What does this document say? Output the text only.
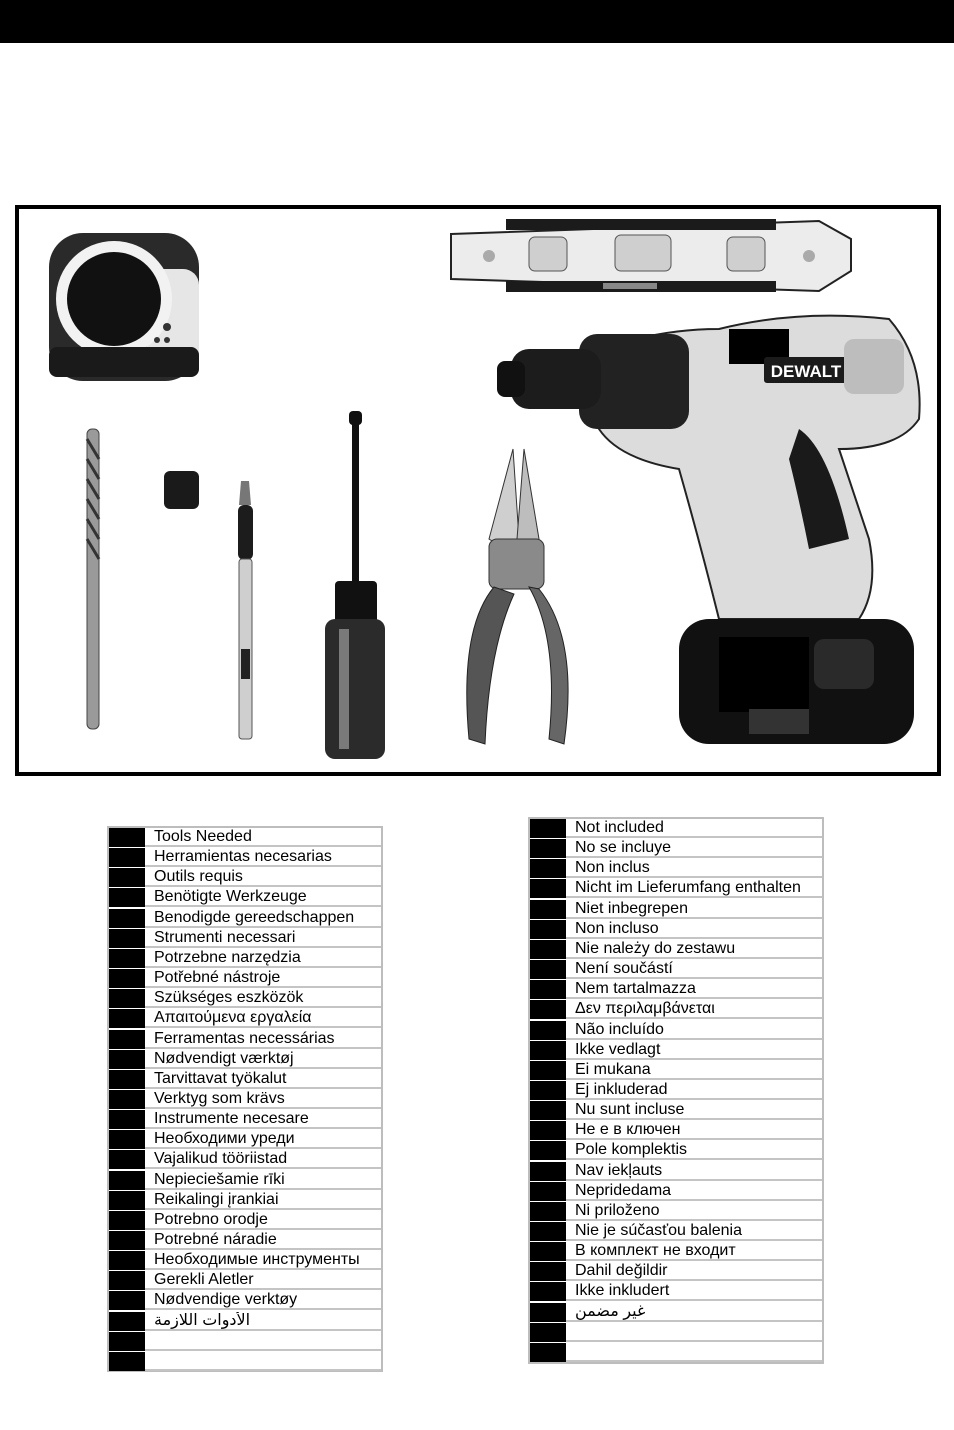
DEWALT
Tools Needed
Herramientas necesarias
Outils requis
Benötigte Werkzeuge
Benodigde gereedschappen
Strumenti necessari
Potrzebne narzędzia
Potřebné nástroje
Szükséges eszközök
Απαιτούμενα εργαλεία
Ferramentas necessárias
Nødvendigt værktøj
Tarvittavat työkalut
Verktyg som krävs
Instrumente necesare
Необходими уреди
Vajalikud tööriistad
Nepieciešamie rīki
Reikalingi įrankiai
Potrebno orodje
Potrebné náradie
Необходимые инструменты
Gerekli Aletler
Nødvendige verktøy
الأدوات اللازمة
Not included
No se incluye
Non inclus
Nicht im Lieferumfang enthalten
Niet inbegrepen
Non incluso
Nie należy do zestawu
Není součástí
Nem tartalmazza
Δεν περιλαμβάνεται
Não incluído
Ikke vedlagt
Ei mukana
Ej inkluderad
Nu sunt incluse
Не е в ключен
Pole komplektis
Nav iekļauts
Nepridedama
Ni priloženo
Nie je súčasťou balenia
В комплект не входит
Dahil değildir
Ikke inkludert
غير مضمن
